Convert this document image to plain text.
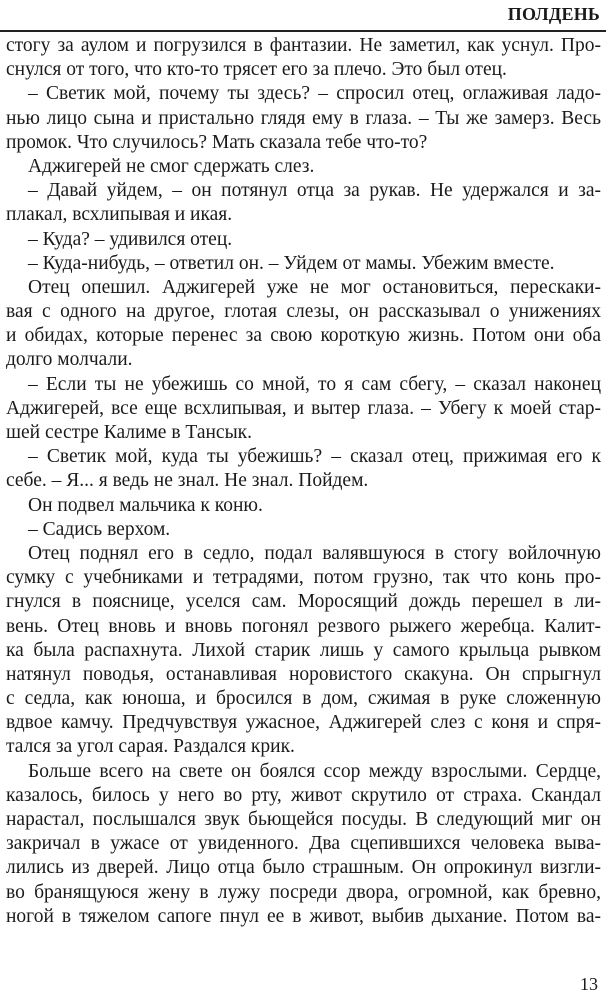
ПОЛДЕНЬ
стогу за аулом и погрузился в фантазии. Не заметил, как уснул. Про-
снулся от того, что кто-то трясет его за плечо. Это был отец.
– Светик мой, почему ты здесь? – спросил отец, оглаживая ладо-
нью лицо сына и пристально глядя ему в глаза. – Ты же замерз. Весь
промок. Что случилось? Мать сказала тебе что-то?
Аджигерей не смог сдержать слез.
– Давай уйдем, – он потянул отца за рукав. Не удержался и за-
плакал, всхлипывая и икая.
– Куда? – удивился отец.
– Куда-нибудь, – ответил он. – Уйдем от мамы. Убежим вместе.
Отец опешил. Аджигерей уже не мог остановиться, перескаки-
вая с одного на другое, глотая слезы, он рассказывал о унижениях
и обидах, которые перенес за свою короткую жизнь. Потом они оба
долго молчали.
– Если ты не убежишь со мной, то я сам сбегу, – сказал наконец
Аджигерей, все еще всхлипывая, и вытер глаза. – Убегу к моей стар-
шей сестре Калиме в Тансык.
– Светик мой, куда ты убежишь? – сказал отец, прижимая его к
себе. – Я... я ведь не знал. Не знал. Пойдем.
Он подвел мальчика к коню.
– Садись верхом.
Отец поднял его в седло, подал валявшуюся в стогу войлочную
сумку с учебниками и тетрадями, потом грузно, так что конь про-
гнулся в пояснице, уселся сам. Моросящий дождь перешел в ли-
вень. Отец вновь и вновь погонял резвого рыжего жеребца. Калит-
ка была распахнута. Лихой старик лишь у самого крыльца рывком
натянул поводья, останавливая норовистого скакуна. Он спрыгнул
с седла, как юноша, и бросился в дом, сжимая в руке сложенную
вдвое камчу. Предчувствуя ужасное, Аджигерей слез с коня и спря-
тался за угол сарая. Раздался крик.
Больше всего на свете он боялся ссор между взрослыми. Сердце,
казалось, билось у него во рту, живот скрутило от страха. Скандал
нарастал, послышался звук бьющейся посуды. В следующий миг он
закричал в ужасе от увиденного. Два сцепившихся человека выва-
лились из дверей. Лицо отца было страшным. Он опрокинул визгли-
во бранящуюся жену в лужу посреди двора, огромной, как бревно,
ногой в тяжелом сапоге пнул ее в живот, выбив дыхание. Потом ва-
13
